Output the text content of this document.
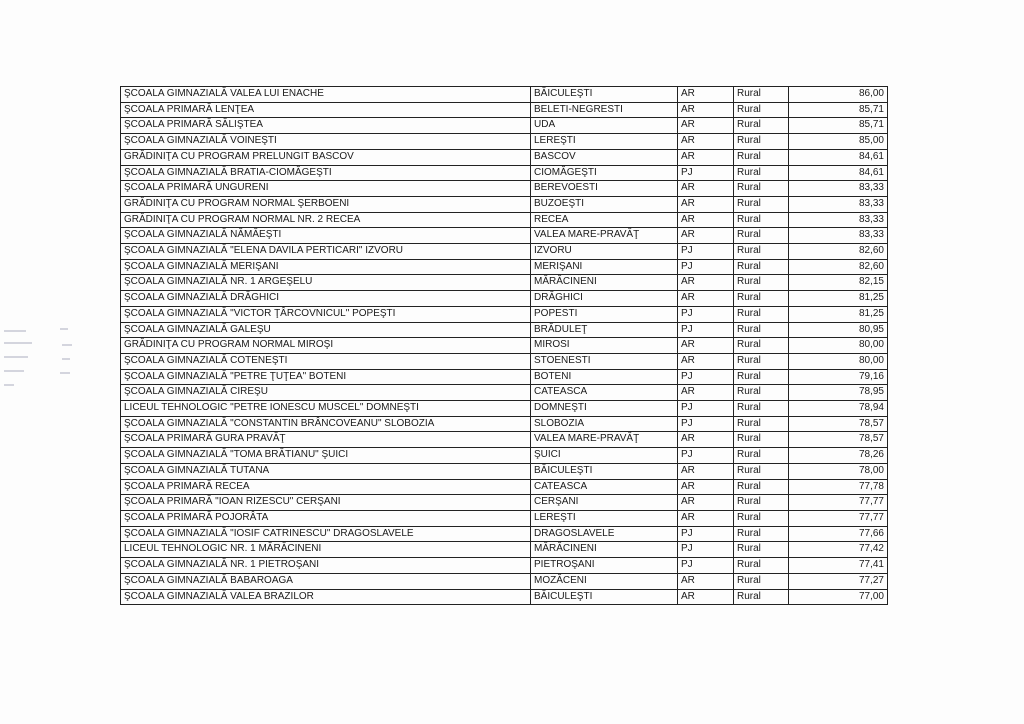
ŞCOALA GIMNAZIALĂ VALEA LUI ENACHE	BĂICULEŞTI	AR	Rural	86,00
ŞCOALA PRIMARĂ LENŢEA	BELETI-NEGRESTI	AR	Rural	85,71
ŞCOALA PRIMARĂ SĂLIŞTEA	UDA	AR	Rural	85,71
ŞCOALA GIMNAZIALĂ VOINEŞTI	LEREŞTI	AR	Rural	85,00
GRĂDINIŢA CU PROGRAM PRELUNGIT BASCOV	BASCOV	AR	Rural	84,61
ŞCOALA GIMNAZIALĂ BRATIA-CIOMĂGEŞTI	CIOMĂGEŞTI	PJ	Rural	84,61
ŞCOALA PRIMARĂ UNGURENI	BEREVOESTI	AR	Rural	83,33
GRĂDINIŢA CU PROGRAM NORMAL ŞERBOENI	BUZOEŞTI	AR	Rural	83,33
GRĂDINIŢA CU PROGRAM NORMAL NR. 2 RECEA	RECEA	AR	Rural	83,33
ŞCOALA GIMNAZIALĂ NĂMĂEŞTI	VALEA MARE-PRAVĂŢ	AR	Rural	83,33
ŞCOALA GIMNAZIALĂ "ELENA DAVILA PERTICARI" IZVORU	IZVORU	PJ	Rural	82,60
ŞCOALA GIMNAZIALĂ MERIŞANI	MERIŞANI	PJ	Rural	82,60
ŞCOALA GIMNAZIALĂ NR. 1 ARGEŞELU	MĂRĂCINENI	AR	Rural	82,15
ŞCOALA GIMNAZIALĂ DRĂGHICI	DRĂGHICI	AR	Rural	81,25
ŞCOALA GIMNAZIALĂ "VICTOR ŢÂRCOVNICUL" POPEŞTI	POPESTI	PJ	Rural	81,25
ŞCOALA GIMNAZIALĂ GALEŞU	BRĂDULEŢ	PJ	Rural	80,95
GRĂDINIŢA CU PROGRAM NORMAL MIROŞI	MIROSI	AR	Rural	80,00
ŞCOALA GIMNAZIALĂ COTENEŞTI	STOENESTI	AR	Rural	80,00
ŞCOALA GIMNAZIALĂ "PETRE ŢUŢEA" BOTENI	BOTENI	PJ	Rural	79,16
ŞCOALA GIMNAZIALĂ CIREŞU	CATEASCA	AR	Rural	78,95
LICEUL TEHNOLOGIC "PETRE IONESCU MUSCEL" DOMNEŞTI	DOMNEŞTI	PJ	Rural	78,94
ŞCOALA GIMNAZIALĂ "CONSTANTIN BRÂNCOVEANU" SLOBOZIA	SLOBOZIA	PJ	Rural	78,57
ŞCOALA PRIMARĂ GURA PRAVĂŢ	VALEA MARE-PRAVĂŢ	AR	Rural	78,57
ŞCOALA GIMNAZIALĂ "TOMA BRĂTIANU" ŞUICI	ŞUICI	PJ	Rural	78,26
ŞCOALA GIMNAZIALĂ TUTANA	BĂICULEŞTI	AR	Rural	78,00
ŞCOALA PRIMARĂ RECEA	CATEASCA	AR	Rural	77,78
ŞCOALA PRIMARĂ "IOAN RIZESCU" CERŞANI	CERŞANI	AR	Rural	77,77
ŞCOALA PRIMARĂ POJORÂTA	LEREŞTI	AR	Rural	77,77
ŞCOALA GIMNAZIALĂ "IOSIF CATRINESCU" DRAGOSLAVELE	DRAGOSLAVELE	PJ	Rural	77,66
LICEUL TEHNOLOGIC NR. 1 MĂRĂCINENI	MĂRĂCINENI	PJ	Rural	77,42
ŞCOALA GIMNAZIALĂ NR. 1 PIETROŞANI	PIETROŞANI	PJ	Rural	77,41
ŞCOALA GIMNAZIALĂ BABAROAGA	MOZĂCENI	AR	Rural	77,27
ŞCOALA GIMNAZIALĂ VALEA BRAZILOR	BĂICULEŞTI	AR	Rural	77,00
